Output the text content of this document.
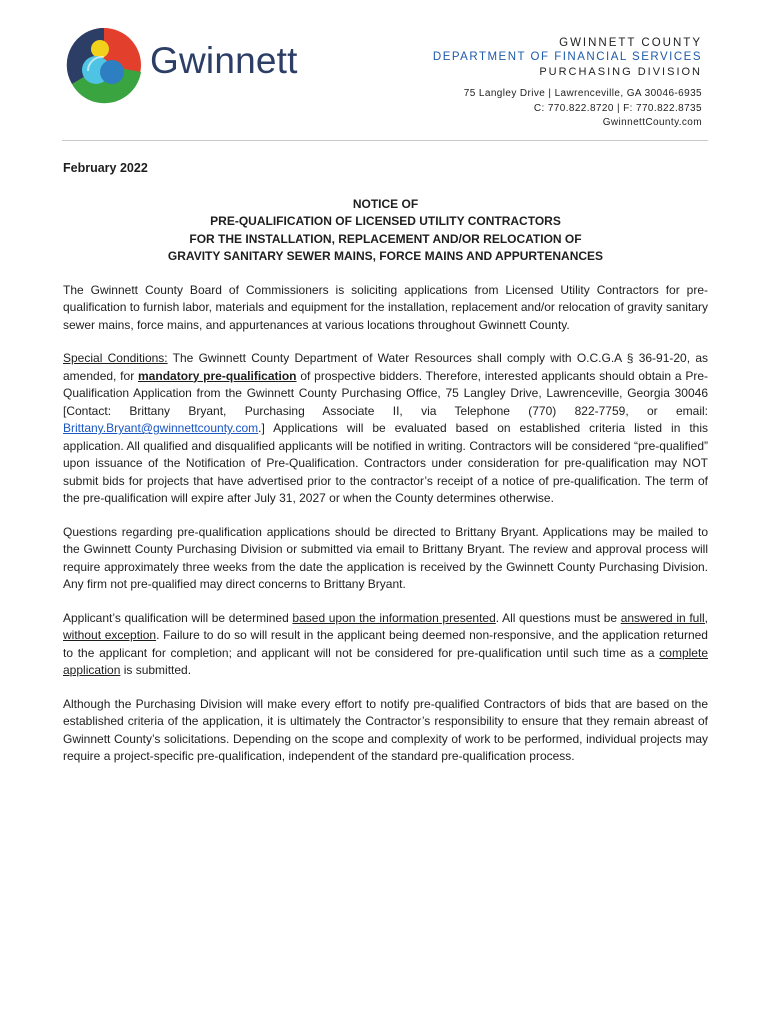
Gwinnett	GWINNETT COUNTY
DEPARTMENT OF FINANCIAL SERVICES
PURCHASING DIVISION
75 Langley Drive | Lawrenceville, GA 30046-6935
C: 770.822.8720 | F: 770.822.8735
GwinnettCounty.com
February 2022
NOTICE OF
PRE-QUALIFICATION OF LICENSED UTILITY CONTRACTORS
FOR THE INSTALLATION, REPLACEMENT AND/OR RELOCATION OF
GRAVITY SANITARY SEWER MAINS, FORCE MAINS AND APPURTENANCES

The Gwinnett County Board of Commissioners is soliciting applications from Licensed Utility Contractors for pre-qualification to furnish labor, materials and equipment for the installation, replacement and/or relocation of gravity sanitary sewer mains, force mains, and appurtenances at various locations throughout Gwinnett County.

Special Conditions: The Gwinnett County Department of Water Resources shall comply with O.C.G.A § 36-91-20, as amended, for mandatory pre-qualification of prospective bidders. Therefore, interested applicants should obtain a Pre-Qualification Application from the Gwinnett County Purchasing Office, 75 Langley Drive, Lawrenceville, Georgia 30046 [Contact: Brittany Bryant, Purchasing Associate II, via Telephone (770) 822-7759, or email: Brittany.Bryant@gwinnettcounty.com.] Applications will be evaluated based on established criteria listed in this application. All qualified and disqualified applicants will be notified in writing. Contractors will be considered “pre-qualified” upon issuance of the Notification of Pre-Qualification. Contractors under consideration for pre-qualification may NOT submit bids for projects that have advertised prior to the contractor’s receipt of a notice of pre-qualification. The term of the pre-qualification will expire after July 31, 2027 or when the County determines otherwise.

Questions regarding pre-qualification applications should be directed to Brittany Bryant. Applications may be mailed to the Gwinnett County Purchasing Division or submitted via email to Brittany Bryant. The review and approval process will require approximately three weeks from the date the application is received by the Gwinnett County Purchasing Division. Any firm not pre-qualified may direct concerns to Brittany Bryant.

Applicant’s qualification will be determined based upon the information presented. All questions must be answered in full, without exception. Failure to do so will result in the applicant being deemed non-responsive, and the application returned to the applicant for completion; and applicant will not be considered for pre-qualification until such time as a complete application is submitted.

Although the Purchasing Division will make every effort to notify pre-qualified Contractors of bids that are based on the established criteria of the application, it is ultimately the Contractor’s responsibility to ensure that they remain abreast of Gwinnett County’s solicitations. Depending on the scope and complexity of work to be performed, individual projects may require a project-specific pre-qualification, independent of the standard pre-qualification process.
